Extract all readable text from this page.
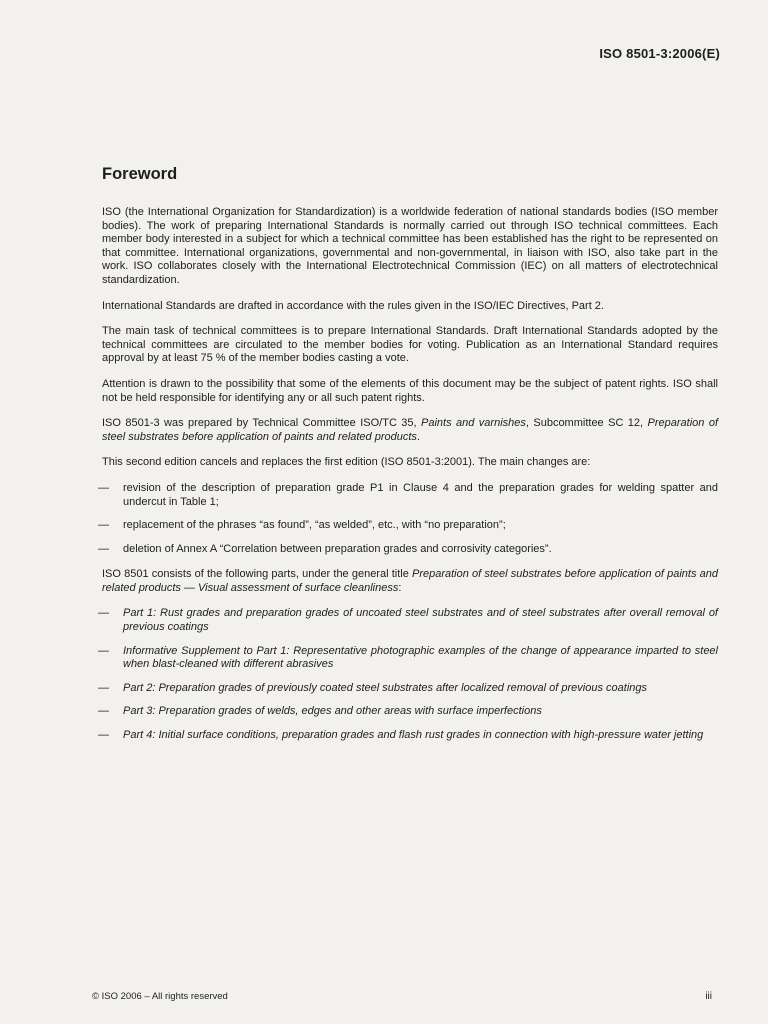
ISO 8501-3:2006(E)
Foreword

ISO (the International Organization for Standardization) is a worldwide federation of national standards bodies (ISO member bodies). The work of preparing International Standards is normally carried out through ISO technical committees. Each member body interested in a subject for which a technical committee has been established has the right to be represented on that committee. International organizations, governmental and non-governmental, in liaison with ISO, also take part in the work. ISO collaborates closely with the International Electrotechnical Commission (IEC) on all matters of electrotechnical standardization.

International Standards are drafted in accordance with the rules given in the ISO/IEC Directives, Part 2.

The main task of technical committees is to prepare International Standards. Draft International Standards adopted by the technical committees are circulated to the member bodies for voting. Publication as an International Standard requires approval by at least 75 % of the member bodies casting a vote.

Attention is drawn to the possibility that some of the elements of this document may be the subject of patent rights. ISO shall not be held responsible for identifying any or all such patent rights.

ISO 8501-3 was prepared by Technical Committee ISO/TC 35, Paints and varnishes, Subcommittee SC 12, Preparation of steel substrates before application of paints and related products.

This second edition cancels and replaces the first edition (ISO 8501-3:2001). The main changes are:

—	revision of the description of preparation grade P1 in Clause 4 and the preparation grades for welding spatter and undercut in Table 1;
—	replacement of the phrases “as found”, “as welded”, etc., with “no preparation”;
—	deletion of Annex A “Correlation between preparation grades and corrosivity categories”.

ISO 8501 consists of the following parts, under the general title Preparation of steel substrates before application of paints and related products — Visual assessment of surface cleanliness:

—	Part 1: Rust grades and preparation grades of uncoated steel substrates and of steel substrates after overall removal of previous coatings
—	Informative Supplement to Part 1: Representative photographic examples of the change of appearance imparted to steel when blast-cleaned with different abrasives
—	Part 2: Preparation grades of previously coated steel substrates after localized removal of previous coatings
—	Part 3: Preparation grades of welds, edges and other areas with surface imperfections
—	Part 4: Initial surface conditions, preparation grades and flash rust grades in connection with high-pressure water jetting
© ISO 2006 – All rights reserved	iii
